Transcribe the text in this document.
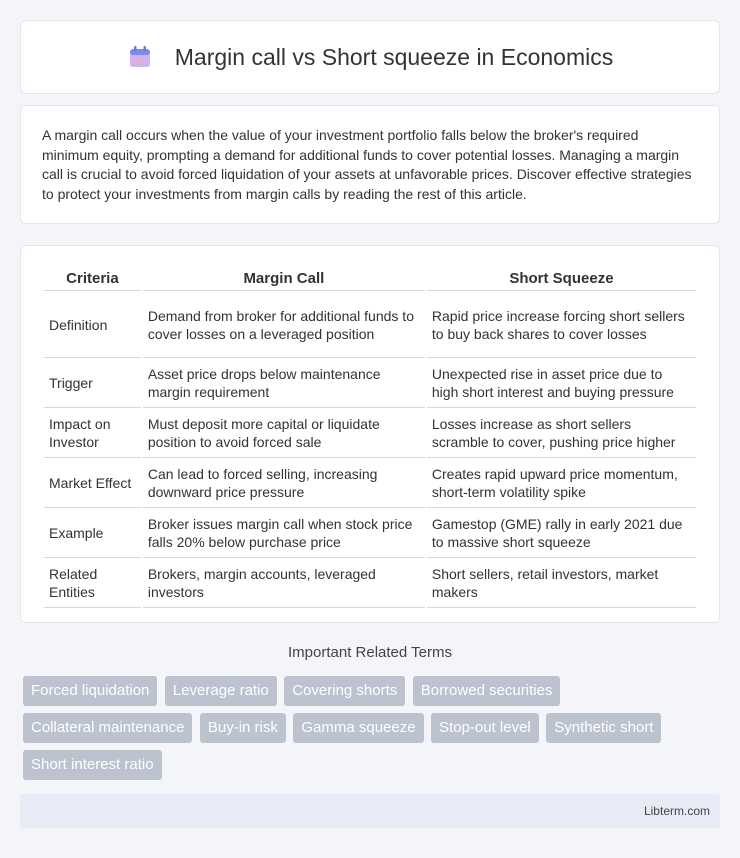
Margin call vs Short squeeze in Economics

A margin call occurs when the value of your investment portfolio falls below the broker's required minimum equity, prompting a demand for additional funds to cover potential losses. Managing a margin call is crucial to avoid forced liquidation of your assets at unfavorable prices. Discover effective strategies to protect your investments from margin calls by reading the rest of this article.

Criteria	Margin Call	Short Squeeze
Definition	Demand from broker for additional funds to cover losses on a leveraged position	Rapid price increase forcing short sellers to buy back shares to cover losses
Trigger	Asset price drops below maintenance margin requirement	Unexpected rise in asset price due to high short interest and buying pressure
Impact on Investor	Must deposit more capital or liquidate position to avoid forced sale	Losses increase as short sellers scramble to cover, pushing price higher
Market Effect	Can lead to forced selling, increasing downward price pressure	Creates rapid upward price momentum, short-term volatility spike
Example	Broker issues margin call when stock price falls 20% below purchase price	Gamestop (GME) rally in early 2021 due to massive short squeeze
Related Entities	Brokers, margin accounts, leveraged investors	Short sellers, retail investors, market makers
Important Related Terms
Forced liquidation Leverage ratio Covering shorts Borrowed securities Collateral maintenance Buy-in risk Gamma squeeze Stop-out level Synthetic short Short interest ratio
Libterm.com
